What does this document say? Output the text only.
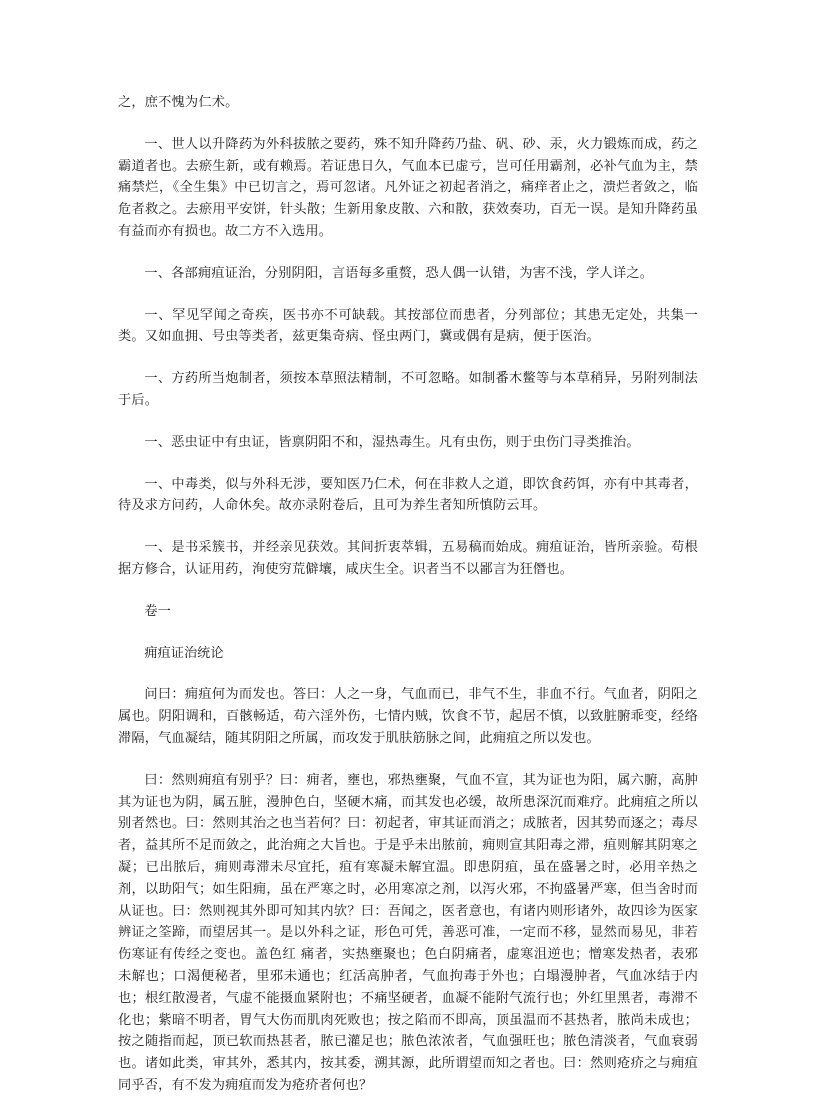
之，庶不愧为仁术。

一、世人以升降药为外科拔脓之要药，殊不知升降药乃盐、矾、砂、汞，火力锻炼而成，药之霸道者也。去瘀生新，或有赖焉。若证患日久，气血本已虚亏，岂可任用霸剂，必补气血为主，禁痛禁烂，《全生集》中已切言之，焉可忽诸。凡外证之初起者消之，痛痒者止之，溃烂者敛之，临危者救之。去瘀用平安饼，针头散；生新用象皮散、六和散，获效奏功，百无一误。是知升降药虽有益而亦有损也。故二方不入选用。

一、各部痈疽证治，分别阴阳，言语每多重赘，恐人偶一认错，为害不浅，学人详之。

一、罕见罕闻之奇疾，医书亦不可缺载。其按部位而患者，分列部位；其患无定处，共集一类。又如血拥、号虫等类者，兹更集奇病、怪虫两门，冀或偶有是病，便于医治。

一、方药所当炮制者，须按本草照法精制，不可忽略。如制番木鳖等与本草稍异，另附列制法于后。

一、恶虫证中有虫证，皆禀阴阳不和，湿热毒生。凡有虫伤，则于虫伤门寻类推治。

一、中毒类，似与外科无涉，要知医乃仁术，何在非救人之道，即饮食药饵，亦有中其毒者，待及求方问药，人命休矣。故亦录附卷后，且可为养生者知所慎防云耳。

一、是书采簇书，并经亲见获效。其间折衷萃辑，五易稿而始成。痈疽证治，皆所亲验。苟根据方修合，认证用药，洵使穷荒僻壤，咸庆生全。识者当不以鄙言为狂僭也。

卷一

痈疽证治统论

问曰：痈疽何为而发也。答曰：人之一身，气血而已，非气不生，非血不行。气血者，阴阳之属也。阴阳调和，百骸畅适，苟六淫外伤，七情内贼，饮食不节，起居不慎，以致脏腑乖变，经络滞隔，气血凝结，随其阴阳之所属，而攻发于肌肤筋脉之间，此痈疽之所以发也。

曰：然则痈疽有别乎？曰：痈者，壅也，邪热壅聚，气血不宣，其为证也为阳，属六腑，高肿其为证也为阴，属五脏，漫肿色白，坚硬木痛，而其发也必缓，故所患深沉而难疗。此痈疽之所以别者然也。曰：然则其治之也当若何？曰：初起者，审其证而消之；成脓者，因其势而逐之；毒尽者，益其所不足而敛之，此治痈之大旨也。于是乎未出脓前，痈则宣其阳毒之滞，疽则解其阴寒之凝；已出脓后，痈则毒滞未尽宜托，疽有寒凝未解宜温。即患阴疽，虽在盛暑之时，必用辛热之剂，以助阳气；如生阳痈，虽在严寒之时，必用寒凉之剂，以泻火邪，不拘盛暑严寒，但当舍时而从证也。曰：然则视其外即可知其内欤？曰：吾闻之，医者意也，有诸内则形诸外，故四诊为医家辨证之筌蹄，而望居其一。是以外科之证，形色可凭，善恶可准，一定而不移，显然而易见，非若伤寒证有传经之变也。盖色红 痛者，实热壅聚也；色白阴痛者，虚寒沮逆也；憎寒发热者，表邪未解也；口渴便秘者，里邪未通也；红活高肿者，气血拘毒于外也；白塌漫肿者，气血冰结于内也；根红散漫者，气虚不能摄血紧附也；不痛坚硬者，血凝不能附气流行也；外红里黑者，毒滞不化也；紫暗不明者，胃气大伤而肌肉死败也；按之陷而不即高，顶虽温而不甚热者，脓尚未成也；按之随指而起，顶已软而热甚者，脓已灌足也；脓色浓浓者，气血强旺也；脓色清淡者，气血衰弱也。诸如此类，审其外，悉其内，按其委，溯其源，此所谓望而知之者也。曰：然则疮疥之与痈疽同乎否，有不发为痈疽而发为疮疥者何也？
